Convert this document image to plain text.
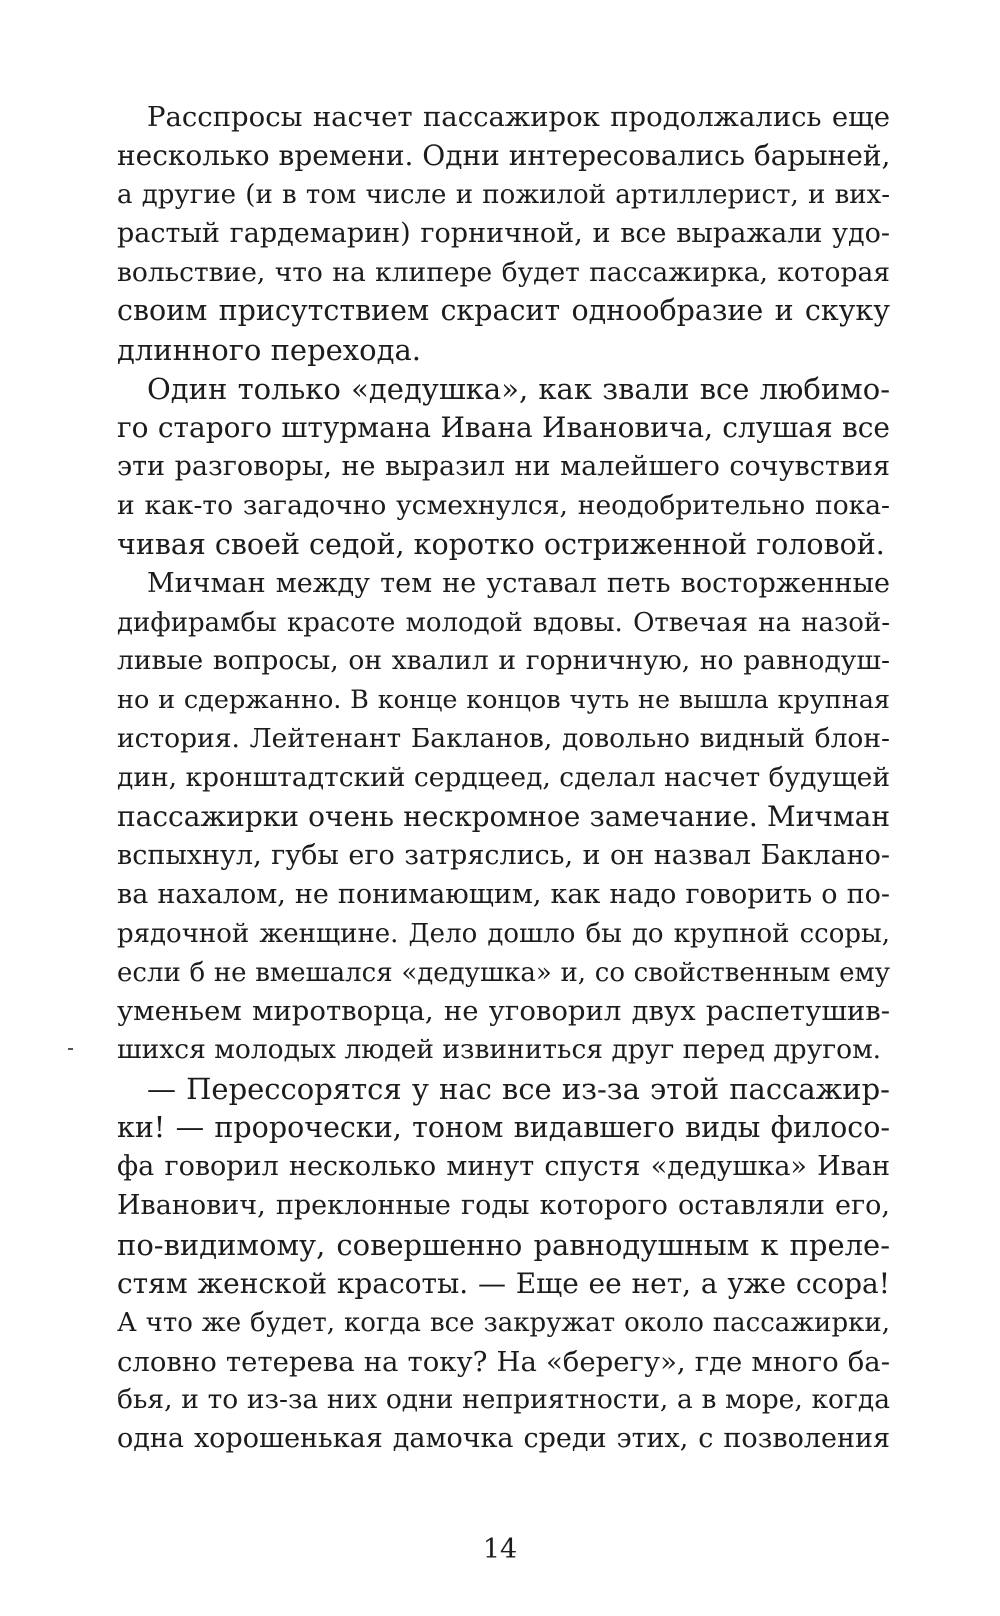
Расспросы насчет пассажирок продолжались еще
несколько времени. Одни интересовались барыней,
а другие (и в том числе и пожилой артиллерист, и вих-
растый гардемарин) горничной, и все выражали удо-
вольствие, что на клипере будет пассажирка, которая
своим присутствием скрасит однообразие и скуку
длинного перехода.

Один только «дедушка», как звали все любимо-
го старого штурмана Ивана Ивановича, слушая все
эти разговоры, не выразил ни малейшего сочувствия
и как-то загадочно усмехнулся, неодобрительно пока-
чивая своей седой, коротко остриженной головой.

Мичман между тем не уставал петь восторженные
дифирамбы красоте молодой вдовы. Отвечая на назой-
ливые вопросы, он хвалил и горничную, но равнодуш-
но и сдержанно. В конце концов чуть не вышла крупная
история. Лейтенант Бакланов, довольно видный блон-
дин, кронштадтский сердцеед, сделал насчет будущей
пассажирки очень нескромное замечание. Мичман
вспыхнул, губы его затряслись, и он назвал Баклано-
ва нахалом, не понимающим, как надо говорить о по-
рядочной женщине. Дело дошло бы до крупной ссоры,
если б не вмешался «дедушка» и, со свойственным ему
уменьем миротворца, не уговорил двух распетушив-
шихся молодых людей извиниться друг перед другом.

— Перессорятся у нас все из-за этой пассажир-
ки! — пророчески, тоном видавшего виды филосо-
фа говорил несколько минут спустя «дедушка» Иван
Иванович, преклонные годы которого оставляли его,
по-видимому, совершенно равнодушным к преле-
стям женской красоты. — Еще ее нет, а уже ссора!
А что же будет, когда все закружат около пассажирки,
словно тетерева на току? На «берегу», где много ба-
бья, и то из-за них одни неприятности, а в море, когда
одна хорошенькая дамочка среди этих, с позволения

14
